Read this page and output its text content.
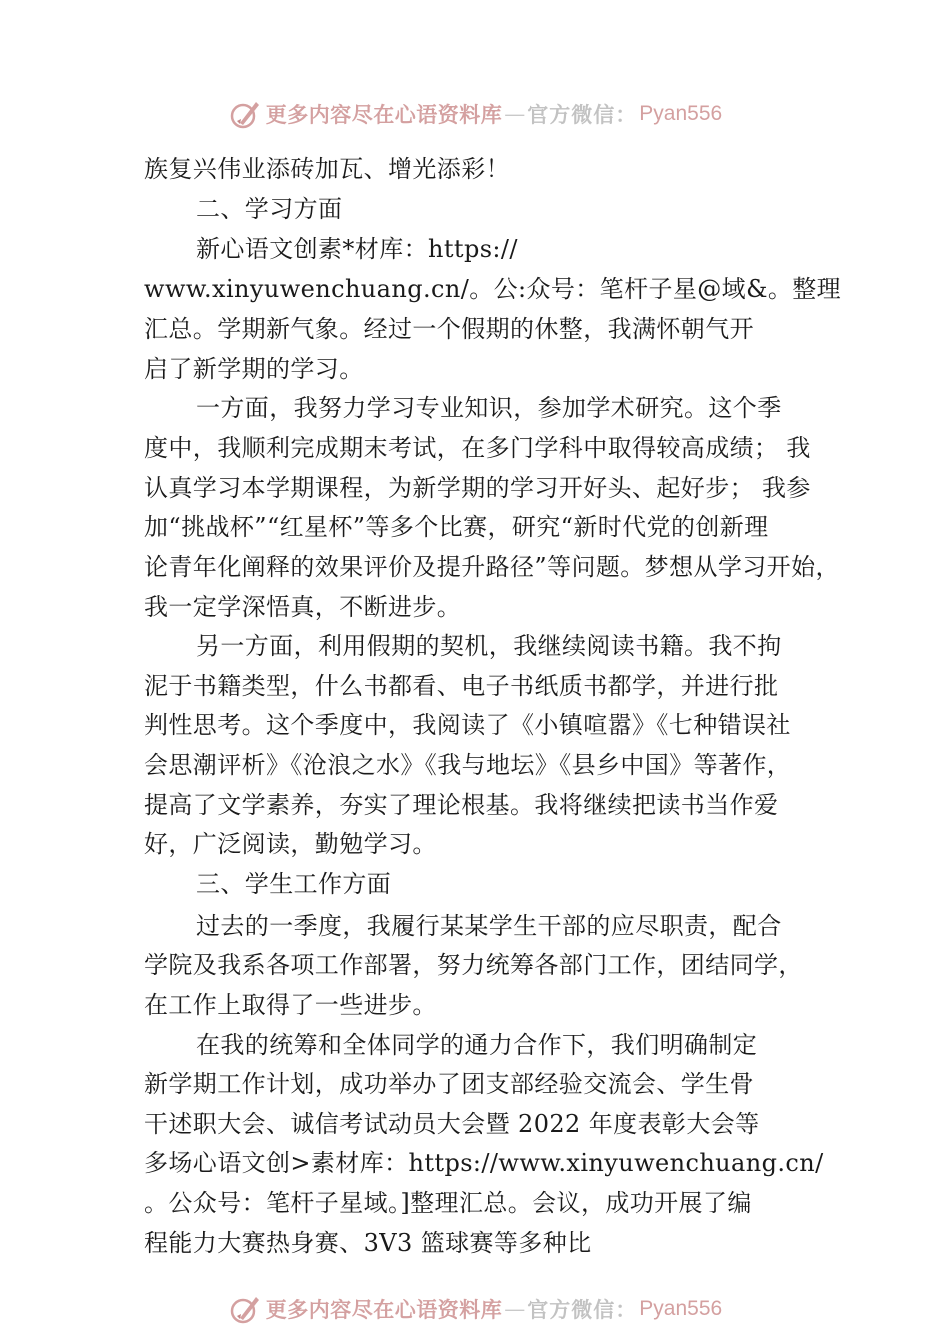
更多内容尽在心语资料库 — 官方微信： Pyan556
族复兴伟业添砖加瓦、增光添彩！
二、学习方面
新心语文创素*材库：https://
www.xinyuwenchuang.cn/。公:众号：笔杆子星@域&。整理
汇总。学期新气象。经过一个假期的休整，我满怀朝气开
启了新学期的学习。
一方面，我努力学习专业知识，参加学术研究。这个季
度中，我顺利完成期末考试，在多门学科中取得较高成绩； 我
认真学习本学期课程，为新学期的学习开好头、起好步； 我参
加“挑战杯”“红星杯”等多个比赛，研究“新时代党的创新理
论青年化阐释的效果评价及提升路径”等问题。梦想从学习开始，
我一定学深悟真，不断进步。
另一方面，利用假期的契机，我继续阅读书籍。我不拘
泥于书籍类型，什么书都看、电子书纸质书都学，并进行批
判性思考。这个季度中，我阅读了《小镇喧嚣》《七种错误社
会思潮评析》《沧浪之水》《我与地坛》《县乡中国》等著作，
提高了文学素养，夯实了理论根基。我将继续把读书当作爱
好，广泛阅读，勤勉学习。
三、学生工作方面
过去的一季度，我履行某某学生干部的应尽职责，配合
学院及我系各项工作部署，努力统筹各部门工作，团结同学，
在工作上取得了一些进步。
在我的统筹和全体同学的通力合作下，我们明确制定
新学期工作计划，成功举办了团支部经验交流会、学生骨
干述职大会、诚信考试动员大会暨 2022 年度表彰大会等
多场心语文创>素材库：https://www.xinyuwenchuang.cn/
。公众号：笔杆子星域。]整理汇总。会议，成功开展了编
程能力大赛热身赛、3V3 篮球赛等多种比
更多内容尽在心语资料库 — 官方微信： Pyan556
